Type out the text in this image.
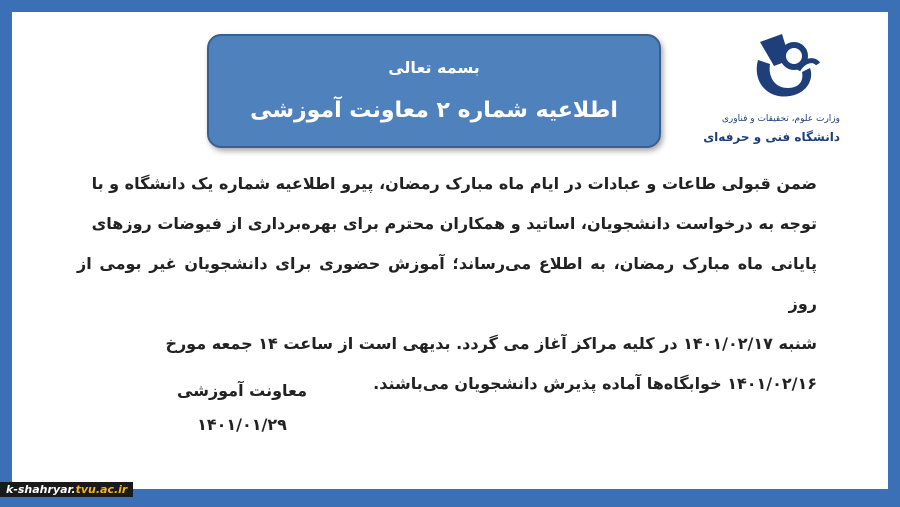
وزارت علوم، تحقیقات و فناوری
دانشگاه فنی و حرفه‌ای
بسمه تعالی
اطلاعیه شماره ۲ معاونت آموزشی
ضمن قبولی طاعات و عبادات در ایام ماه مبارک رمضان، پیرو اطلاعیه شماره یک دانشگاه و با
توجه به درخواست دانشجویان، اساتید و همکاران محترم برای بهره‌برداری از فیوضات روزهای
پایانی ماه مبارک رمضان، به اطلاع می‌رساند؛ آموزش حضوری برای دانشجویان غیر بومی از روز
شنبه ۱۴۰۱/۰۲/۱۷ در کلیه مراکز آغاز می گردد. بدیهی است از ساعت ۱۴ جمعه مورخ
۱۴۰۱/۰۲/۱۶ خوابگاه‌ها آماده پذیرش دانشجویان می‌باشند.
معاونت آموزشی
۱۴۰۱/۰۱/۲۹
k-shahryar.tvu.ac.ir
